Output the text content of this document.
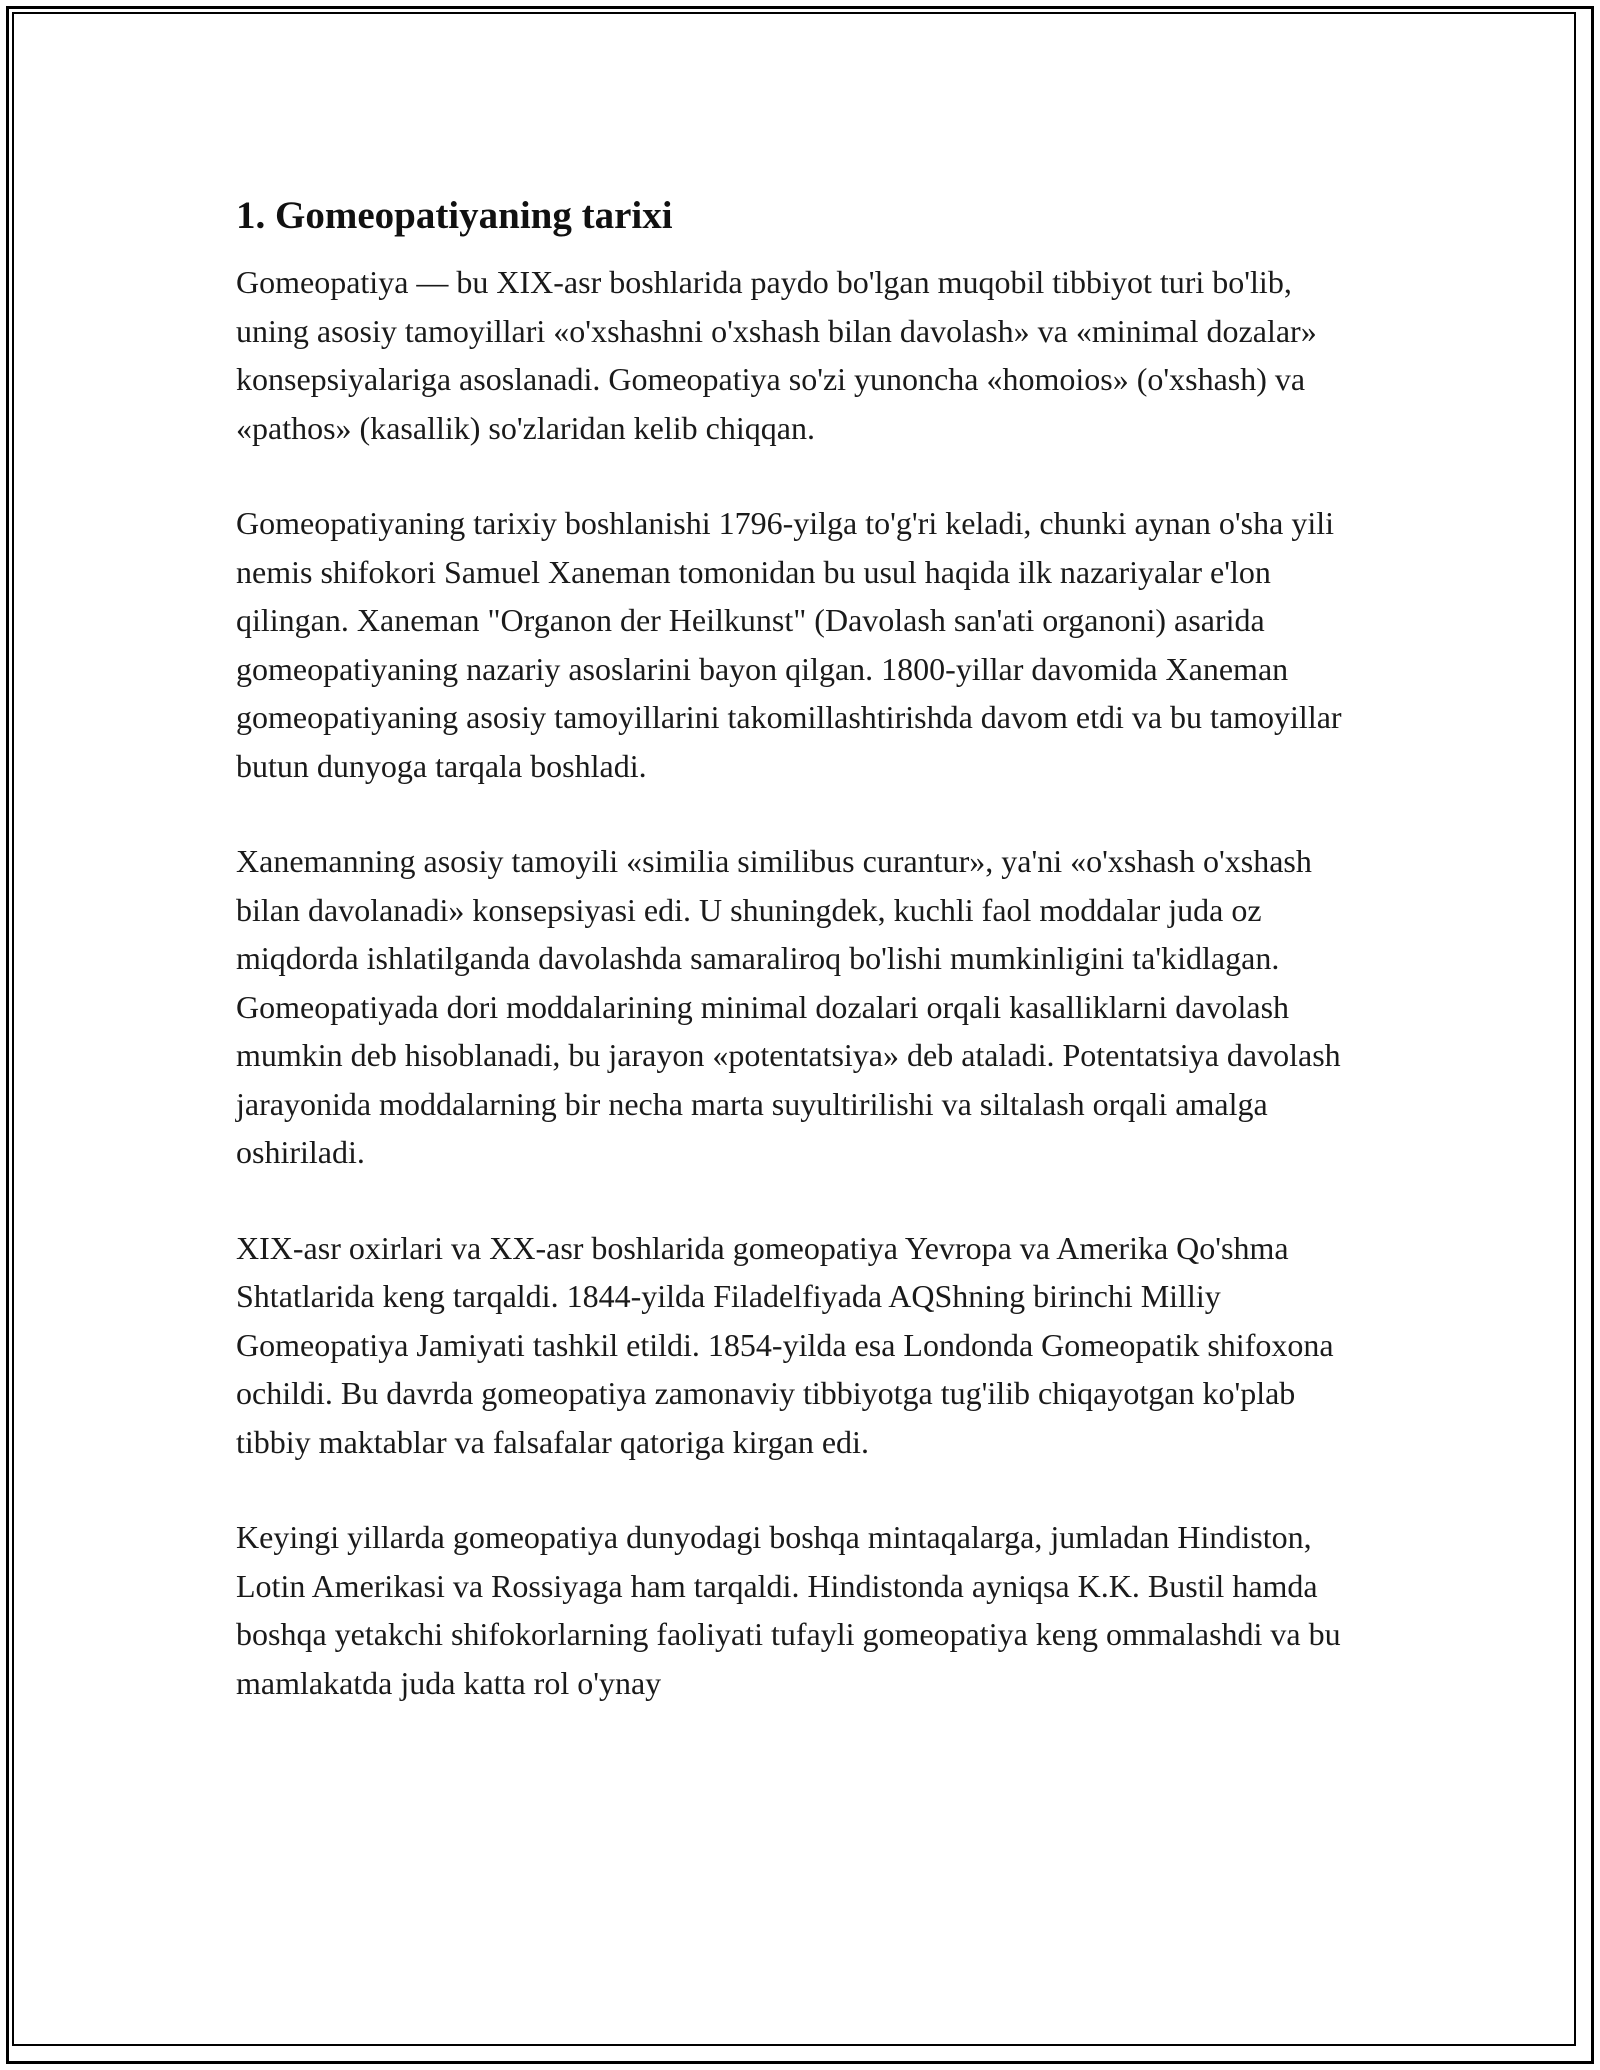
1. Gomeopatiyaning tarixi

Gomeopatiya — bu XIX-asr boshlarida paydo bo'lgan muqobil tibbiyot turi bo'lib, uning asosiy tamoyillari «o'xshashni o'xshash bilan davolash» va «minimal dozalar» konsepsiyalariga asoslanadi. Gomeopatiya so'zi yunoncha «homoios» (o'xshash) va «pathos» (kasallik) so'zlaridan kelib chiqqan.

Gomeopatiyaning tarixiy boshlanishi 1796-yilga to'g'ri keladi, chunki aynan o'sha yili nemis shifokori Samuel Xaneman tomonidan bu usul haqida ilk nazariyalar e'lon qilingan. Xaneman "Organon der Heilkunst" (Davolash san'ati organoni) asarida gomeopatiyaning nazariy asoslarini bayon qilgan. 1800-yillar davomida Xaneman gomeopatiyaning asosiy tamoyillarini takomillashtirishda davom etdi va bu tamoyillar butun dunyoga tarqala boshladi.

Xanemanning asosiy tamoyili «similia similibus curantur», ya'ni «o'xshash o'xshash bilan davolanadi» konsepsiyasi edi. U shuningdek, kuchli faol moddalar juda oz miqdorda ishlatilganda davolashda samaraliroq bo'lishi mumkinligini ta'kidlagan. Gomeopatiyada dori moddalarining minimal dozalari orqali kasalliklarni davolash mumkin deb hisoblanadi, bu jarayon «potentatsiya» deb ataladi. Potentatsiya davolash jarayonida moddalarning bir necha marta suyultirilishi va siltalash orqali amalga oshiriladi.

XIX-asr oxirlari va XX-asr boshlarida gomeopatiya Yevropa va Amerika Qo'shma Shtatlarida keng tarqaldi. 1844-yilda Filadelfiyada AQShning birinchi Milliy Gomeopatiya Jamiyati tashkil etildi. 1854-yilda esa Londonda Gomeopatik shifoxona ochildi. Bu davrda gomeopatiya zamonaviy tibbiyotga tug'ilib chiqayotgan ko'plab tibbiy maktablar va falsafalar qatoriga kirgan edi.

Keyingi yillarda gomeopatiya dunyodagi boshqa mintaqalarga, jumladan Hindiston, Lotin Amerikasi va Rossiyaga ham tarqaldi. Hindistonda ayniqsa K.K. Bustil hamda boshqa yetakchi shifokorlarning faoliyati tufayli gomeopatiya keng ommalashdi va bu mamlakatda juda katta rol o'ynay
